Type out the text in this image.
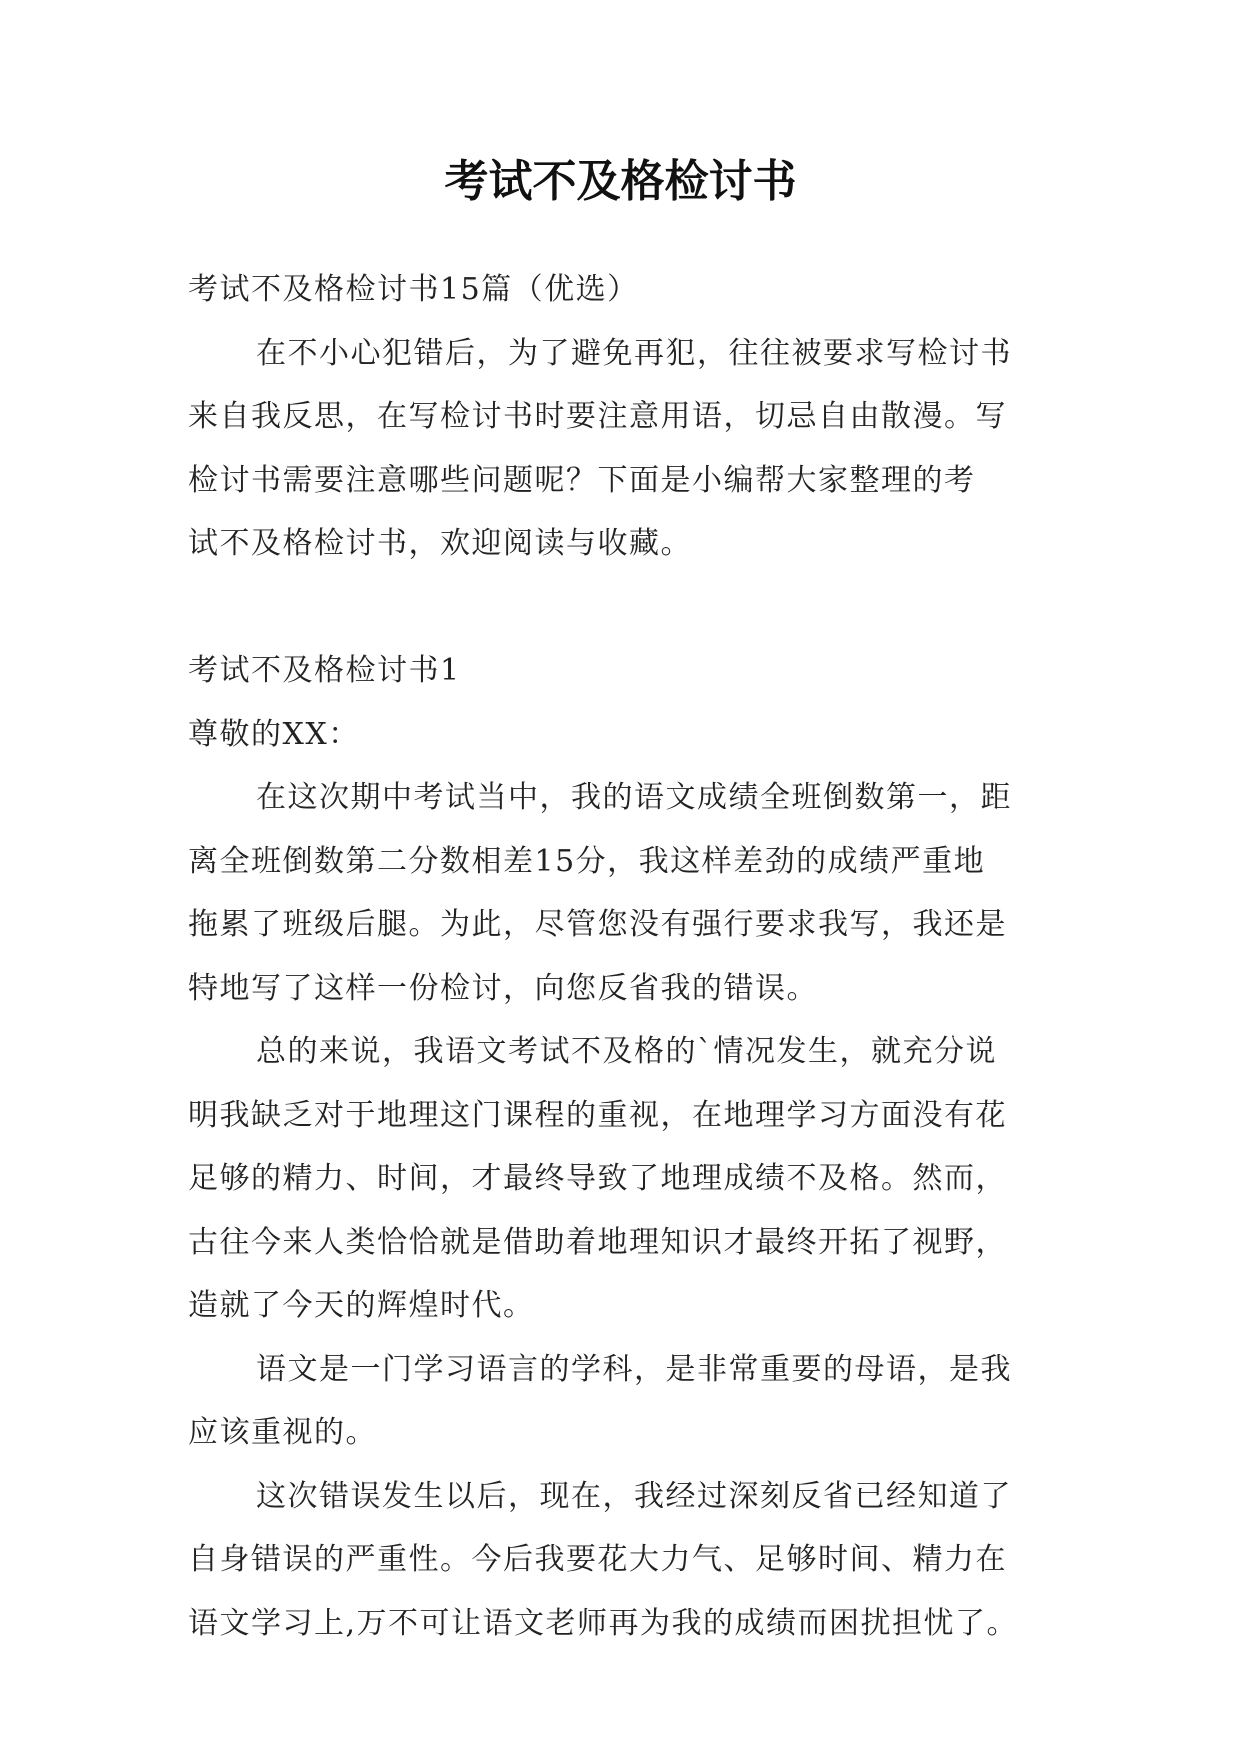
考试不及格检讨书
考试不及格检讨书15篇（优选）
在不小心犯错后，为了避免再犯，往往被要求写检讨书
来自我反思，在写检讨书时要注意用语，切忌自由散漫。写
检讨书需要注意哪些问题呢？下面是小编帮大家整理的考
试不及格检讨书，欢迎阅读与收藏。
考试不及格检讨书1
尊敬的XX：
在这次期中考试当中，我的语文成绩全班倒数第一，距
离全班倒数第二分数相差15分，我这样差劲的成绩严重地
拖累了班级后腿。为此，尽管您没有强行要求我写，我还是
特地写了这样一份检讨，向您反省我的错误。
总的来说，我语文考试不及格的`情况发生，就充分说
明我缺乏对于地理这门课程的重视，在地理学习方面没有花
足够的精力、时间，才最终导致了地理成绩不及格。然而，
古往今来人类恰恰就是借助着地理知识才最终开拓了视野，
造就了今天的辉煌时代。
语文是一门学习语言的学科，是非常重要的母语，是我
应该重视的。
这次错误发生以后，现在，我经过深刻反省已经知道了
自身错误的严重性。今后我要花大力气、足够时间、精力在
语文学习上,万不可让语文老师再为我的成绩而困扰担忧了。
